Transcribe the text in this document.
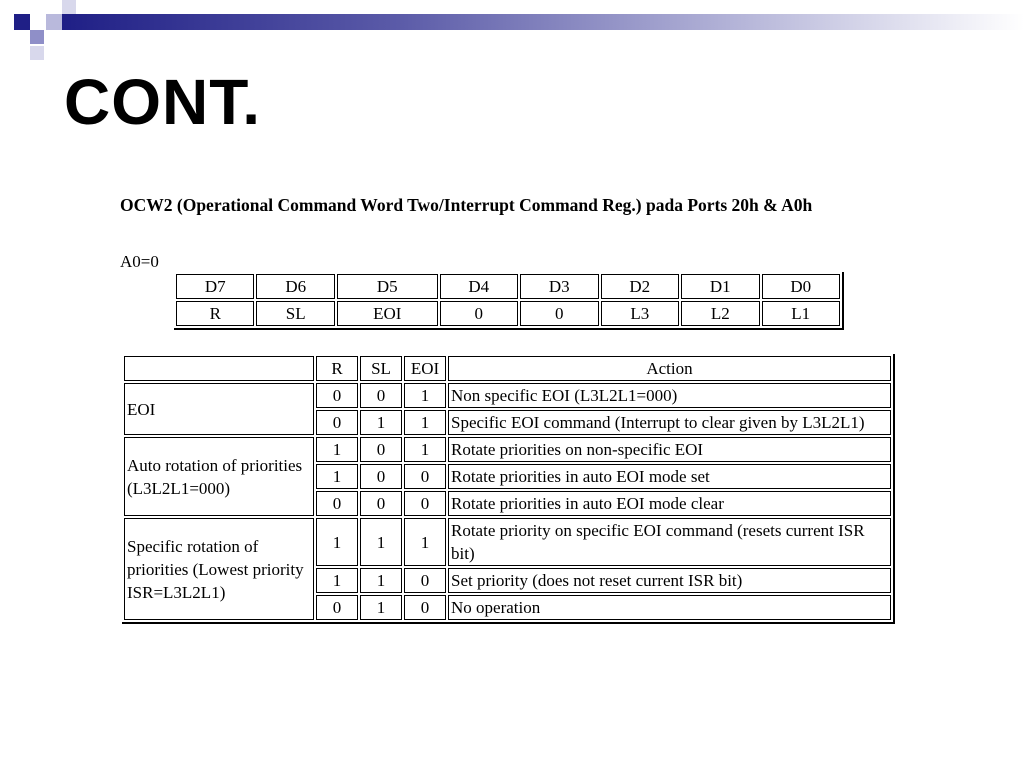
CONT.
OCW2 (Operational Command Word Two/Interrupt Command Reg.) pada Ports 20h & A0h
A0=0
D7	D6	D5	D4	D3	D2	D1	D0
R	SL	EOI	0	0	L3	L2	L1
	R	SL	EOI	Action
EOI	0	0	1	Non specific EOI (L3L2L1=000)
	0	1	1	Specific EOI command (Interrupt to clear given by L3L2L1)
Auto rotation of priorities (L3L2L1=000)	1	0	1	Rotate priorities on non-specific EOI
	1	0	0	Rotate priorities in auto EOI mode set
	0	0	0	Rotate priorities in auto EOI mode clear
Specific rotation of priorities (Lowest priority ISR=L3L2L1)	1	1	1	Rotate priority on specific EOI command (resets current ISR bit)
	1	1	0	Set priority (does not reset current ISR bit)
	0	1	0	No operation
